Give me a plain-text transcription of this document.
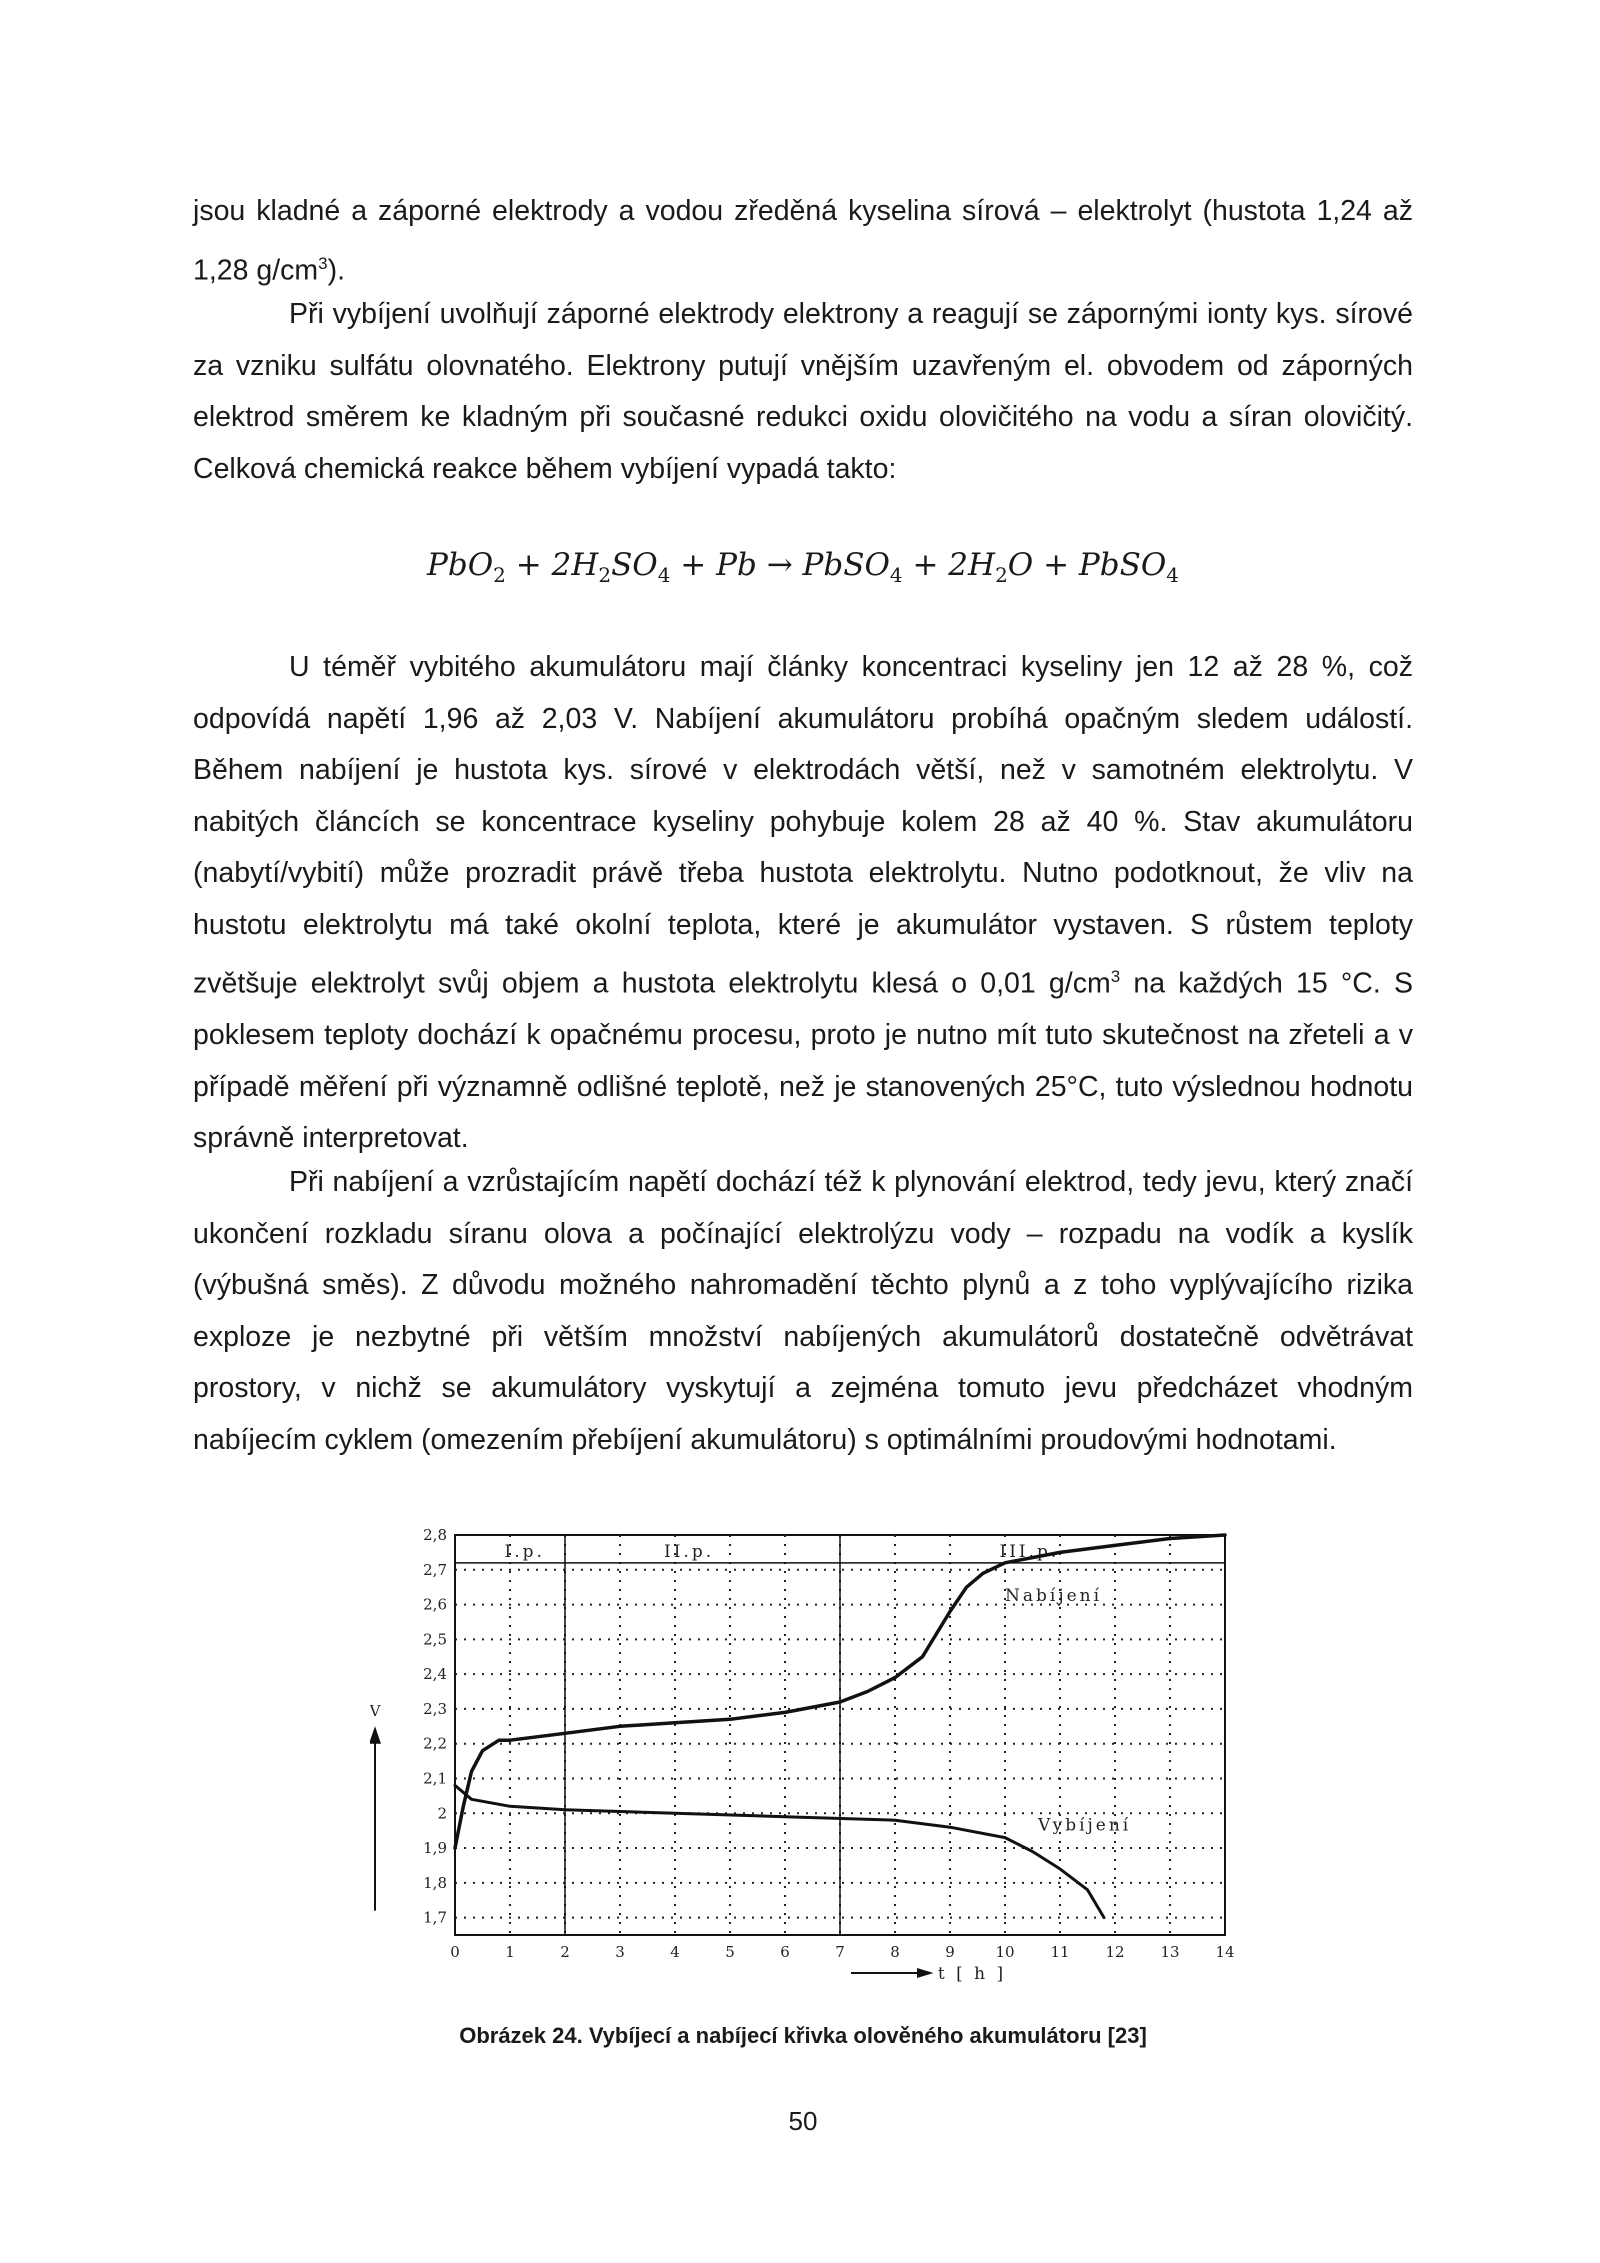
jsou kladné a záporné elektrody a vodou zředěná kyselina sírová – elektrolyt (hustota 1,24 až 1,28 $g/cm^3$).

Při vybíjení uvolňují záporné elektrody elektrony a reagují se zápornými ionty kys. sírové za vzniku sulfátu olovnatého. Elektrony putují vnějším uzavřeným el. obvodem od záporných elektrod směrem ke kladným při současné redukci oxidu olovičitého na vodu a síran olovičitý. Celková chemická reakce během vybíjení vypadá takto:

$PbO_2 + 2H_2SO_4 + Pb$ → PbSO$_4$ + $2H_2O$ + PbSO$_4$

U téměř vybitého akumulátoru mají články koncentraci kyseliny jen 12 až 28 %, což odpovídá napětí 1,96 až 2,03 V. Nabíjení akumulátoru probíhá opačným sledem událostí. Během nabíjení je hustota kys. sírové v elektrodách větší, než v samotném elektrolytu. V nabitých článcích se koncentrace kyseliny pohybuje kolem 28 až 40 %. Stav akumulátoru (nabytí/vybití) může prozradit právě třeba hustota elektrolytu. Nutno podotknout, že vliv na hustotu elektrolytu má také okolní teplota, které je akumulátor vystaven. S růstem teploty zvětšuje elektrolyt svůj objem a hustota elektrolytu klesá o 0,01 $g/cm^3$ na každých 15 °C. S poklesem teploty dochází k opačnému procesu, proto je nutno mít tuto skutečnost na zřeteli a v případě měření při významně odlišné teplotě, než je stanovených 25°C, tuto výslednou hodnotu správně interpretovat.

Při nabíjení a vzrůstajícím napětí dochází též k plynování elektrod, tedy jevu, který značí ukončení rozkladu síranu olova a počínající elektrolýzu vody – rozpadu na vodík a kyslík (výbušná směs). Z důvodu možného nahromadění těchto plynů a z toho vyplývajícího rizika exploze je nezbytné při větším množství nabíjených akumulátorů dostatečně odvětrávat prostory, v nichž se akumulátory vyskytují a zejména tomuto jevu předcházet vhodným nabíjecím cyklem (omezením přebíjení akumulátoru) s optimálními proudovými hodnotami.

I.p.	II.p.	III.p.
1,7
1,8
1,9
2
2,1
2,2
2,3
2,4
2,5
2,6
2,7
2,8
0	1	2	3	4	5	6	7	8	9	10 11 12 13 14
V
t [ h ]
Nabíjení
Vybíjení
Obrázek 24. Vybíjecí a nabíjecí křivka olověného akumulátoru [23]
50
